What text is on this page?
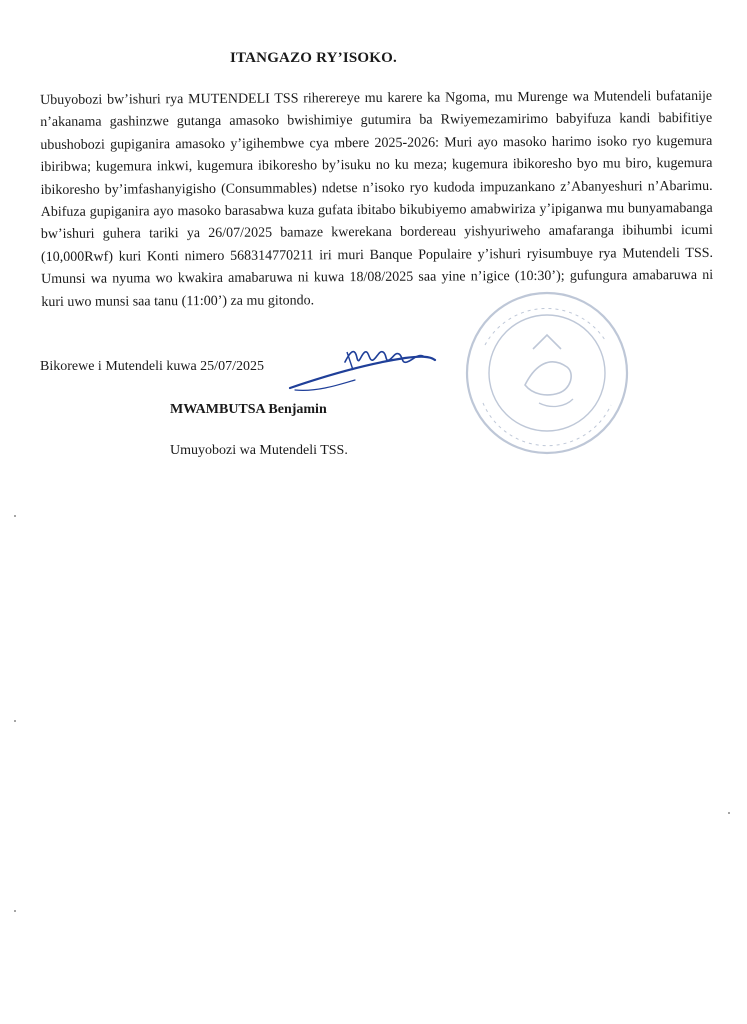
ITANGAZO RY’ISOKO.
Ubuyobozi bw’ishuri rya MUTENDELI TSS riherereye mu karere ka Ngoma, mu Murenge wa Mutendeli bufatanije n’akanama gashinzwe gutanga amasoko bwishimiye gutumira ba Rwiyemezamirimo babyifuza kandi babifitiye ubushobozi gupiganira amasoko y’igihembwe cya mbere 2025-2026: Muri ayo masoko harimo isoko ryo kugemura ibiribwa; kugemura inkwi, kugemura ibikoresho by’isuku no ku meza; kugemura ibikoresho byo mu biro, kugemura ibikoresho by’imfashanyigisho (Consummables) ndetse n’isoko ryo kudoda impuzankano z’Abanyeshuri n’Abarimu. Abifuza gupiganira ayo masoko barasabwa kuza gufata ibitabo bikubiyemo amabwiriza y’ipiganwa mu bunyamabanga bw’ishuri guhera tariki ya 26/07/2025 bamaze kwerekana bordereau yishyuriweho amafaranga ibihumbi icumi (10,000Rwf) kuri Konti nimero 568314770211 iri muri Banque Populaire y’ishuri ryisumbuye rya Mutendeli TSS. Umunsi wa nyuma wo kwakira amabaruwa ni kuwa 18/08/2025 saa yine n’igice (10:30’); gufungura amabaruwa ni kuri uwo munsi saa tanu (11:00’) za mu gitondo.
Bikorewe i Mutendeli kuwa 25/07/2025
MWAMBUTSA Benjamin
Umuyobozi wa Mutendeli TSS.
